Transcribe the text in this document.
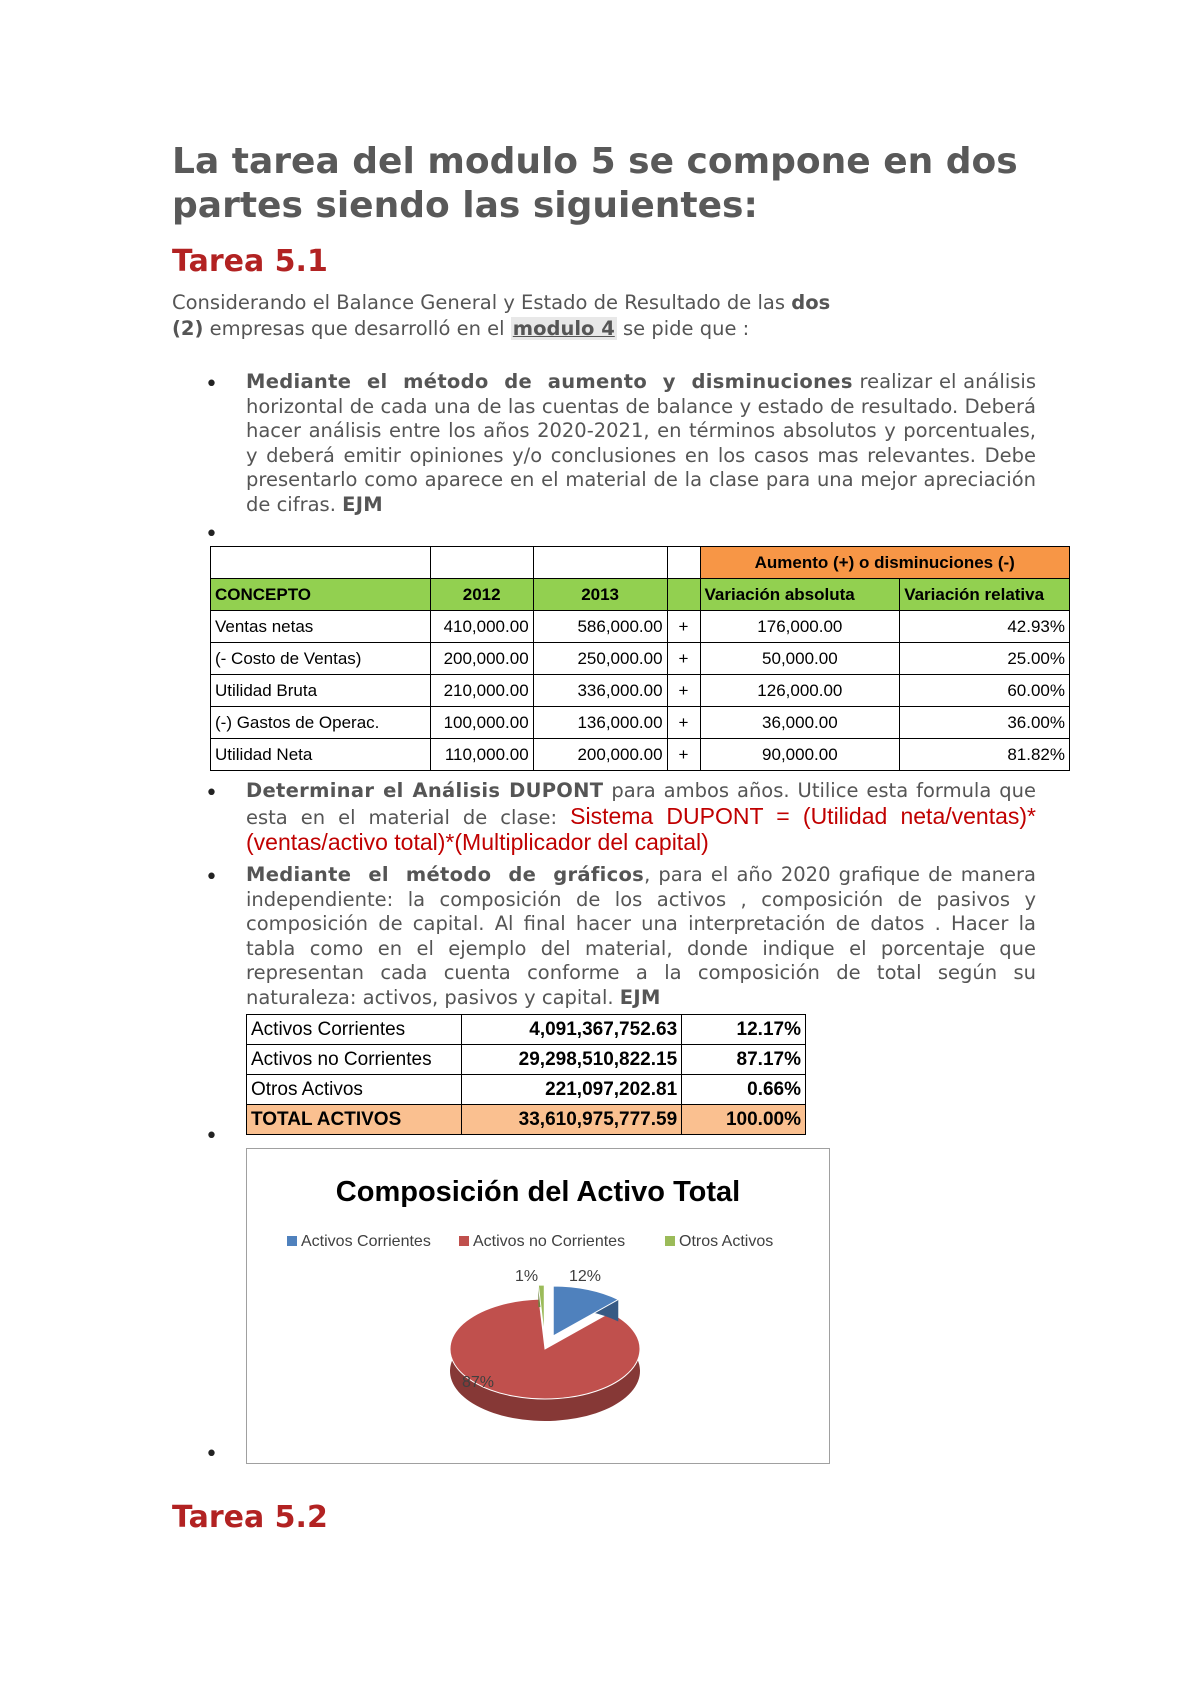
La tarea del modulo 5 se compone en dos partes siendo las siguientes:
Tarea 5.1
Considerando el Balance General y Estado de Resultado de las dos
(2) empresas que desarrolló en el modulo 4 se pide que :
• Mediante el método de aumento y disminuciones realizar el análisis horizontal de cada una de las cuentas de balance y estado de resultado. Deberá hacer análisis entre los años 2020-2021, en términos absolutos y porcentuales, y deberá emitir opiniones y/o conclusiones en los casos mas relevantes. Debe presentarlo como aparece en el material de la clase para una mejor apreciación de cifras. EJM
•
				Aumento (+) o disminuciones (-)	
CONCEPTO	2012	2013		Variación absoluta	Variación relativa
Ventas netas	410,000.00	586,000.00	+	176,000.00	42.93%
(- Costo de Ventas)	200,000.00	250,000.00	+	50,000.00	25.00%
Utilidad Bruta	210,000.00	336,000.00	+	126,000.00	60.00%
(-) Gastos de Operac.	100,000.00	136,000.00	+	36,000.00	36.00%
Utilidad Neta	110,000.00	200,000.00	+	90,000.00	81.82%
• Determinar el Análisis DUPONT para ambos años. Utilice esta formula que esta en el material de clase: Sistema DUPONT = (Utilidad neta/ventas)*(ventas/activo total)*(Multiplicador del capital)
• Mediante el método de gráficos, para el año 2020 grafique de manera independiente: la composición de los activos , composición de pasivos y composición de capital. Al final hacer una interpretación de datos . Hacer la tabla como en el ejemplo del material, donde indique el porcentaje que representan cada cuenta conforme a la composición de total según su naturaleza: activos, pasivos y capital. EJM
Activos Corrientes	4,091,367,752.63	12.17%
Activos no Corrientes	29,298,510,822.15	87.17%
Otros Activos	221,097,202.81	0.66%
TOTAL ACTIVOS	33,610,975,777.59	100.00%
•
Composición del Activo Total
Activos Corrientes	Activos no Corrientes	Otros Activos
12%
87%
1%
•
Tarea 5.2
